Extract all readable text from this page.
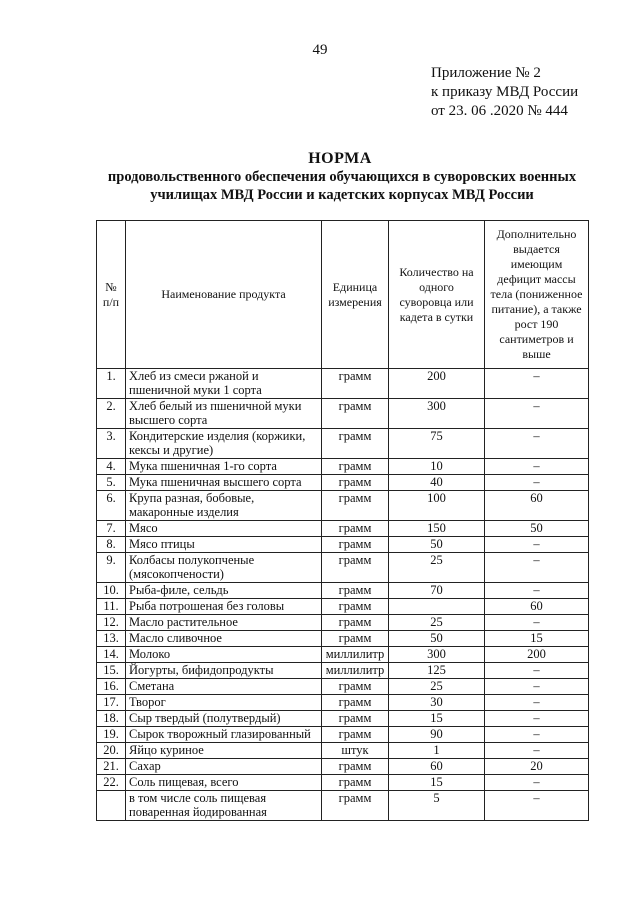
49
Приложение № 2
к приказу МВД России
от 23. 06 .2020 № 444
НОРМА
продовольственного обеспечения обучающихся в суворовских военных училищах МВД России и кадетских корпусах МВД России
№ п/п	Наименование продукта	Единица измерения	Количество на одного суворовца или кадета в сутки	Дополнительно выдается имеющим дефицит массы тела (пониженное питание), а также рост 190 сантиметров и выше
1.	Хлеб из смеси ржаной и пшеничной муки 1 сорта	грамм	200	–
2.	Хлеб белый из пшеничной муки высшего сорта	грамм	300	–
3.	Кондитерские изделия (коржики, кексы и другие)	грамм	75	–
4.	Мука пшеничная 1-го сорта	грамм	10	–
5.	Мука пшеничная высшего сорта	грамм	40	–
6.	Крупа разная, бобовые, макаронные изделия	грамм	100	60
7.	Мясо	грамм	150	50
8.	Мясо птицы	грамм	50	–
9.	Колбасы полукопченые (мясокопчености)	грамм	25	–
10.	Рыба-филе, сельдь	грамм	70	–
11.	Рыба потрошеная без головы	грамм		60
12.	Масло растительное	грамм	25	–
13.	Масло сливочное	грамм	50	15
14.	Молоко	миллилитр	300	200
15.	Йогурты, бифидопродукты	миллилитр	125	–
16.	Сметана	грамм	25	–
17.	Творог	грамм	30	–
18.	Сыр твердый (полутвердый)	грамм	15	–
19.	Сырок творожный глазированный	грамм	90	–
20.	Яйцо куриное	штук	1	–
21.	Сахар	грамм	60	20
22.	Соль пищевая, всего	грамм	15	–
	в том числе соль пищевая поваренная йодированная	грамм	5	–
